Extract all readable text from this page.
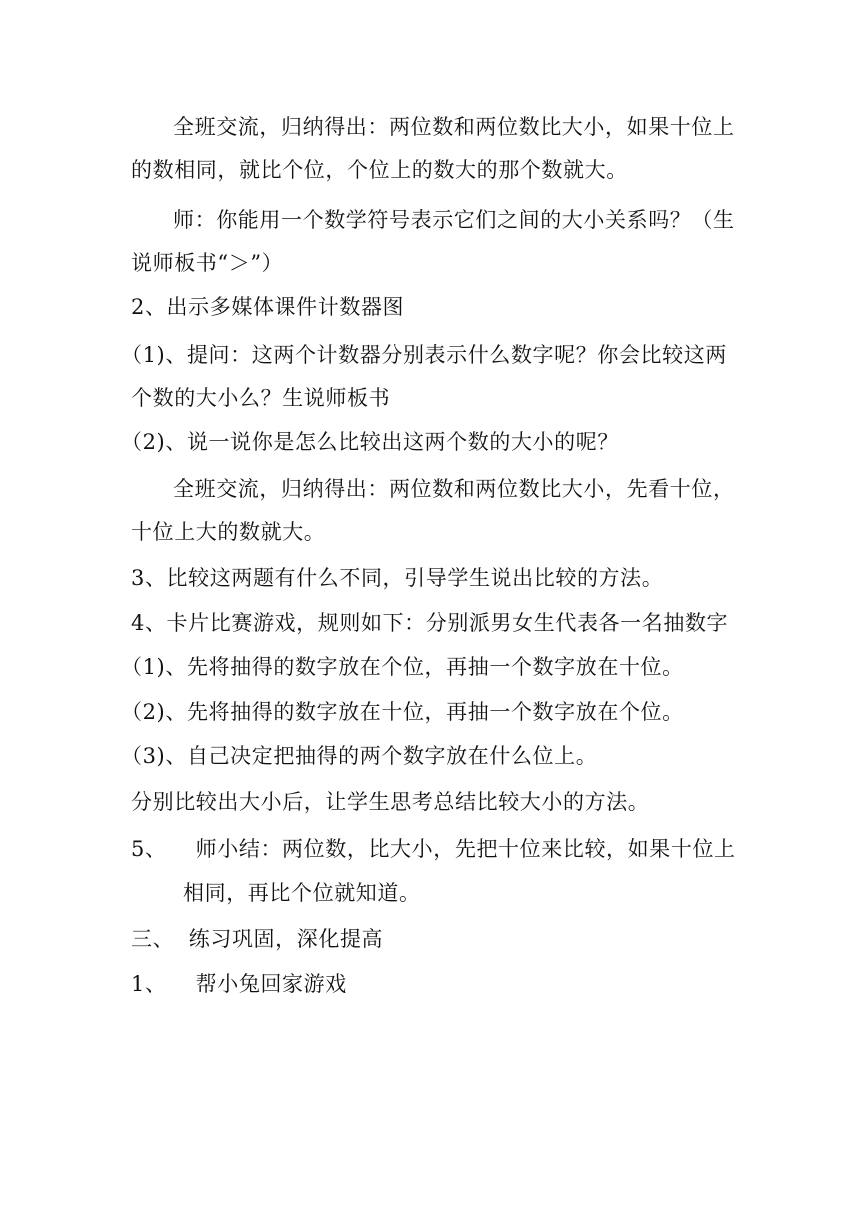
全班交流，归纳得出：两位数和两位数比大小，如果十位上
的数相同，就比个位，个位上的数大的那个数就大。
师：你能用一个数学符号表示它们之间的大小关系吗？（生
说师板书“＞”）
2、出示多媒体课件计数器图
（1)、提问：这两个计数器分别表示什么数字呢？你会比较这两
个数的大小么？生说师板书
（2)、说一说你是怎么比较出这两个数的大小的呢？
全班交流，归纳得出：两位数和两位数比大小，先看十位，
十位上大的数就大。
3、比较这两题有什么不同，引导学生说出比较的方法。
4、卡片比赛游戏，规则如下：分别派男女生代表各一名抽数字
（1)、先将抽得的数字放在个位，再抽一个数字放在十位。
（2)、先将抽得的数字放在十位，再抽一个数字放在个位。
（3)、自己决定把抽得的两个数字放在什么位上。
分别比较出大小后，让学生思考总结比较大小的方法。
5、    师小结：两位数，比大小，先把十位来比较，如果十位上
相同，再比个位就知道。
三、  练习巩固，深化提高
1、    帮小兔回家游戏
